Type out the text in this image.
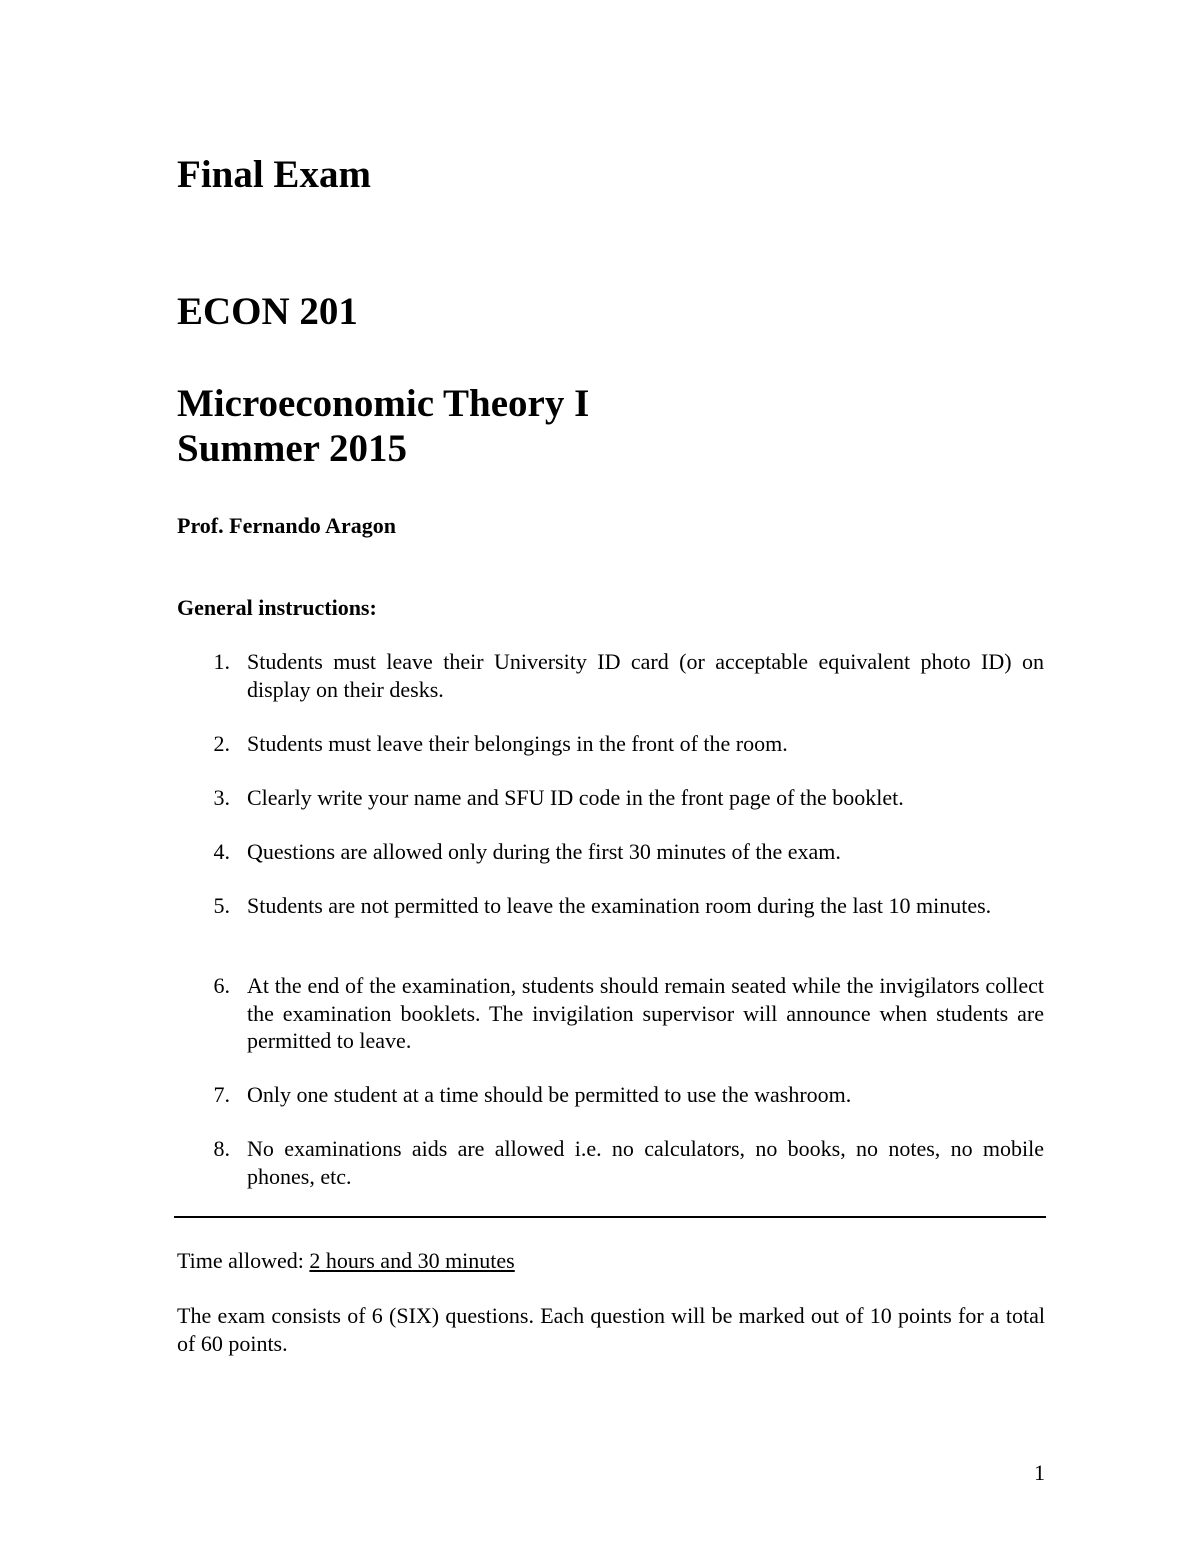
Final Exam
ECON 201
Microeconomic Theory I
Summer 2015

Prof. Fernando Aragon

General instructions:

1. Students must leave their University ID card (or acceptable equivalent photo ID) on display on their desks.
2. Students must leave their belongings in the front of the room.
3. Clearly write your name and SFU ID code in the front page of the booklet.
4. Questions are allowed only during the first 30 minutes of the exam.
5. Students are not permitted to leave the examination room during the last 10 minutes.
6. At the end of the examination, students should remain seated while the invigilators collect the examination booklets. The invigilation supervisor will announce when students are permitted to leave.
7. Only one student at a time should be permitted to use the washroom.
8. No examinations aids are allowed i.e. no calculators, no books, no notes, no mobile phones, etc.

Time allowed: 2 hours and 30 minutes

The exam consists of 6 (SIX) questions. Each question will be marked out of 10 points for a total of 60 points.

1
